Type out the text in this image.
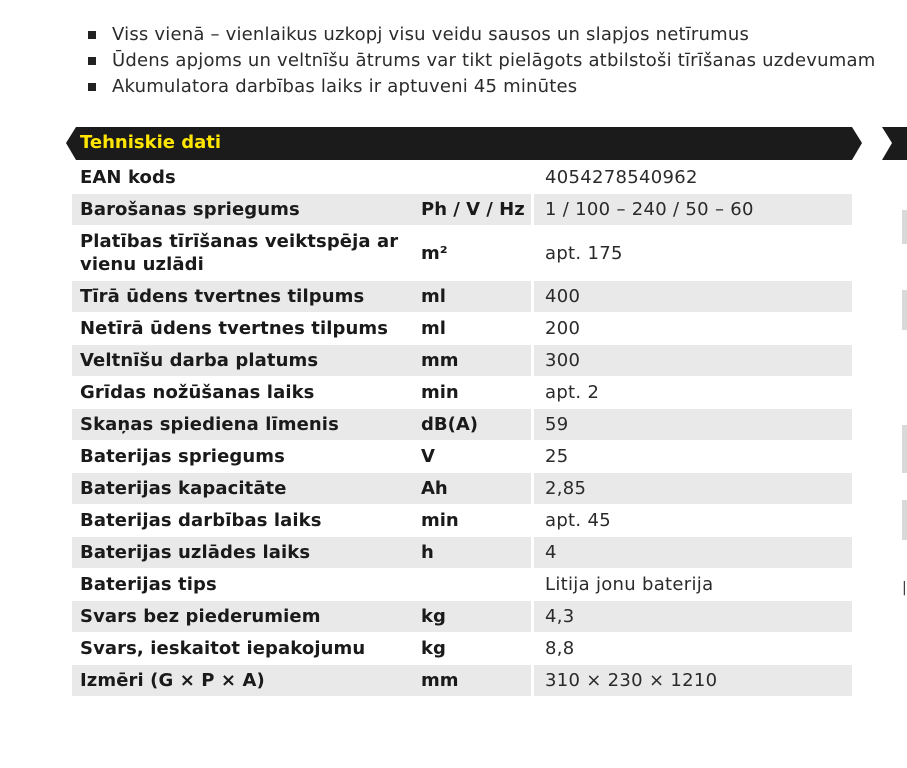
Viss vienā – vienlaikus uzkopj visu veidu sausos un slapjos netīrumus
Ūdens apjoms un veltnīšu ātrums var tikt pielāgots atbilstoši tīrīšanas uzdevumam
Akumulatora darbības laiks ir aptuveni 45 minūtes
Tehniskie dati
|
EAN kods		4054278540962
Barošanas spriegums	Ph / V / Hz	1 / 100 – 240 / 50 – 60
Platības tīrīšanas veiktspēja ar vienu uzlādi	m²	apt. 175
Tīrā ūdens tvertnes tilpums	ml	400
Netīrā ūdens tvertnes tilpums	ml	200
Veltnīšu darba platums	mm	300
Grīdas nožūšanas laiks	min	apt. 2
Skaņas spiediena līmenis	dB(A)	59
Baterijas spriegums	V	25
Baterijas kapacitāte	Ah	2,85
Baterijas darbības laiks	min	apt. 45
Baterijas uzlādes laiks	h	4
Baterijas tips		Litija jonu baterija
Svars bez piederumiem	kg	4,3
Svars, ieskaitot iepakojumu	kg	8,8
Izmēri (G × P × A)	mm	310 × 230 × 1210
